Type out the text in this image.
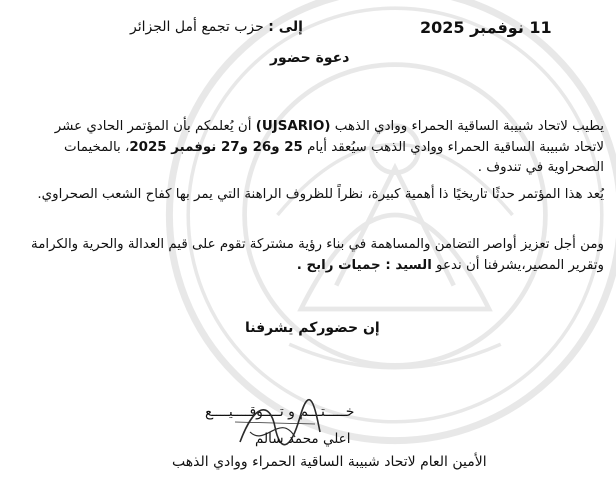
11 نوفمبر 2025
إلى : حزب تجمع أمل الجزائر
دعوة حضور
يطيب لاتحاد شبيبة الساقية الحمراء ووادي الذهب (UJSARIO) أن يُعلمكم بأن المؤتمر الحادي عشر لاتحاد شبيبة الساقية الحمراء ووادي الذهب سيُعقد أيام 25 و26 و27 نوفمبر 2025، بالمخيمات الصحراوية في تندوف .
يُعد هذا المؤتمر حدثًا تاريخيًا ذا أهمية كبيرة، نظراً للظروف الراهنة التي يمر بها كفاح الشعب الصحراوي.
ومن أجل تعزيز أواصر التضامن والمساهمة في بناء رؤية مشتركة تقوم على قيم العدالة والحرية والكرامة وتقرير المصير،يشرفنا أن ندعو السيد : جميات رابح .
إن حضوركم يشرفنا
خـــــتـــم و تــــوقــــيــــع
اعلي محمد سالم
الأمين العام لاتحاد شبيبة الساقية الحمراء ووادي الذهب
